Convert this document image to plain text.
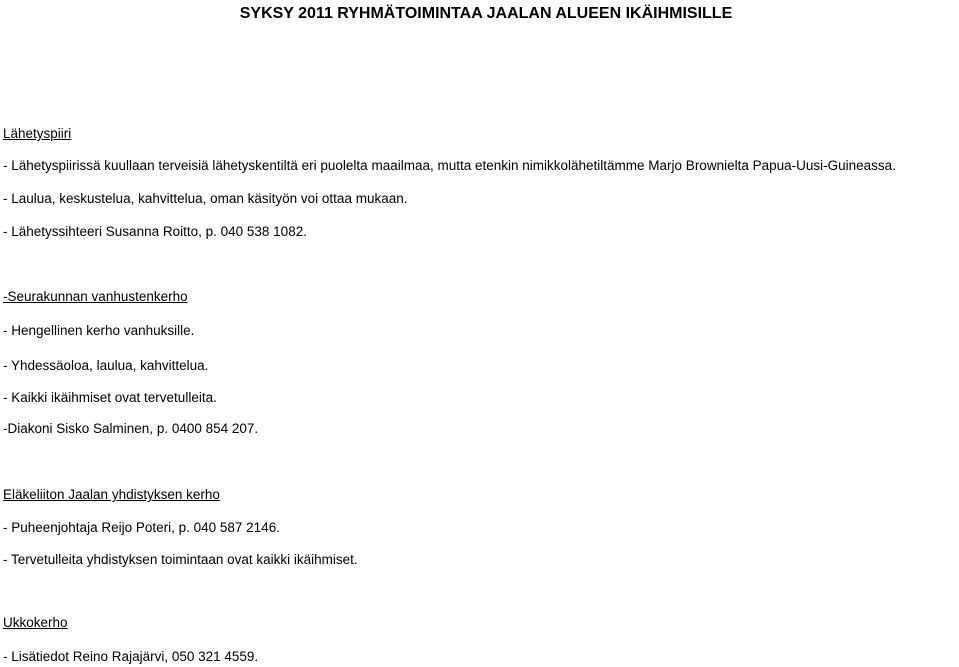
SYKSY 2011 RYHMÄTOIMINTAA JAALAN ALUEEN IKÄIHMISILLE

Lähetyspiiri

- Lähetyspiirissä kuullaan terveisiä lähetyskentiltä eri puolelta maailmaa, mutta etenkin nimikkolähetiltämme Marjo Brownielta Papua-Uusi-Guineassa.

- Laulua, keskustelua, kahvittelua, oman käsityön voi ottaa mukaan.

- Lähetyssihteeri Susanna Roitto, p. 040 538 1082.

-Seurakunnan vanhustenkerho

- Hengellinen kerho vanhuksille.

- Yhdessäoloa, laulua, kahvittelua.

- Kaikki ikäihmiset ovat tervetulleita.

-Diakoni Sisko Salminen, p. 0400 854 207.

Eläkeliiton Jaalan yhdistyksen kerho

- Puheenjohtaja Reijo Poteri, p. 040 587 2146.

- Tervetulleita yhdistyksen toimintaan ovat kaikki ikäihmiset.

Ukkokerho

- Lisätiedot Reino Rajajärvi, 050 321 4559.
